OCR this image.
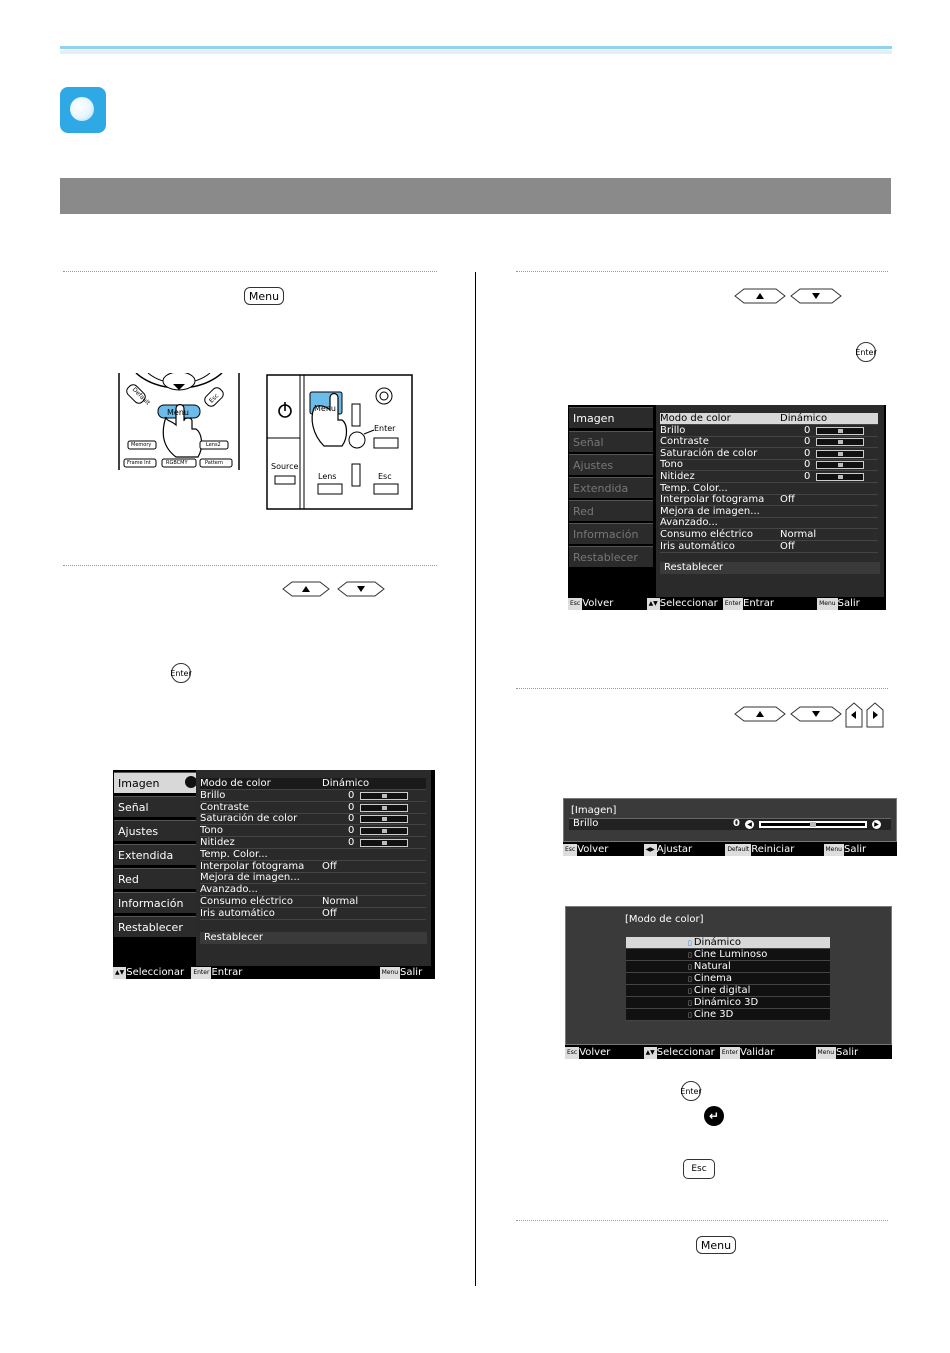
Menu
Default
Menu
Esc
Memory	Lens2
Frame Int	RGBCMY	Pattern	Source
Menu
Enter
Lens	Esc
Enter
Imagen
Señal
Ajustes
Extendida
Red
Información
Restablecer
Modo de color	Dinámico
Brillo	0
Contraste	0
Saturación de color	0
Tono	0
Nitidez	0
Temp. Color...
Interpolar fotograma Off
Mejora de imagen...
Avanzado...
Consumo eléctrico	Normal
Iris automático	Off
Restablecer
▲▼ Seleccionar Enter Entrar	Menu Salir
Enter
Imagen
Señal
Ajustes
Extendida
Red
Información
Restablecer
Modo de color	Dinámico
Brillo	0
Contraste	0
Saturación de color	0
Tono	0
Nitidez	0
Temp. Color...
Interpolar fotograma Off
Mejora de imagen...
Avanzado...
Consumo eléctrico	Normal
Iris automático	Off
Restablecer
Esc Volver	▲▼ Seleccionar Enter Entrar	Menu Salir
[Imagen]
Brillo	0	◀	▶
Esc Volver	◀▶ Ajustar	Default Reiniciar	Menu Salir
[Modo de color]
▯ Dinámico
▯ Cine Luminoso
▯ Natural
▯ Cinema
▯ Cine digital
▯ Dinámico 3D
▯ Cine 3D
Esc Volver	▲▼ Seleccionar Enter Validar	Menu Salir
Enter
↵
Esc
Menu
